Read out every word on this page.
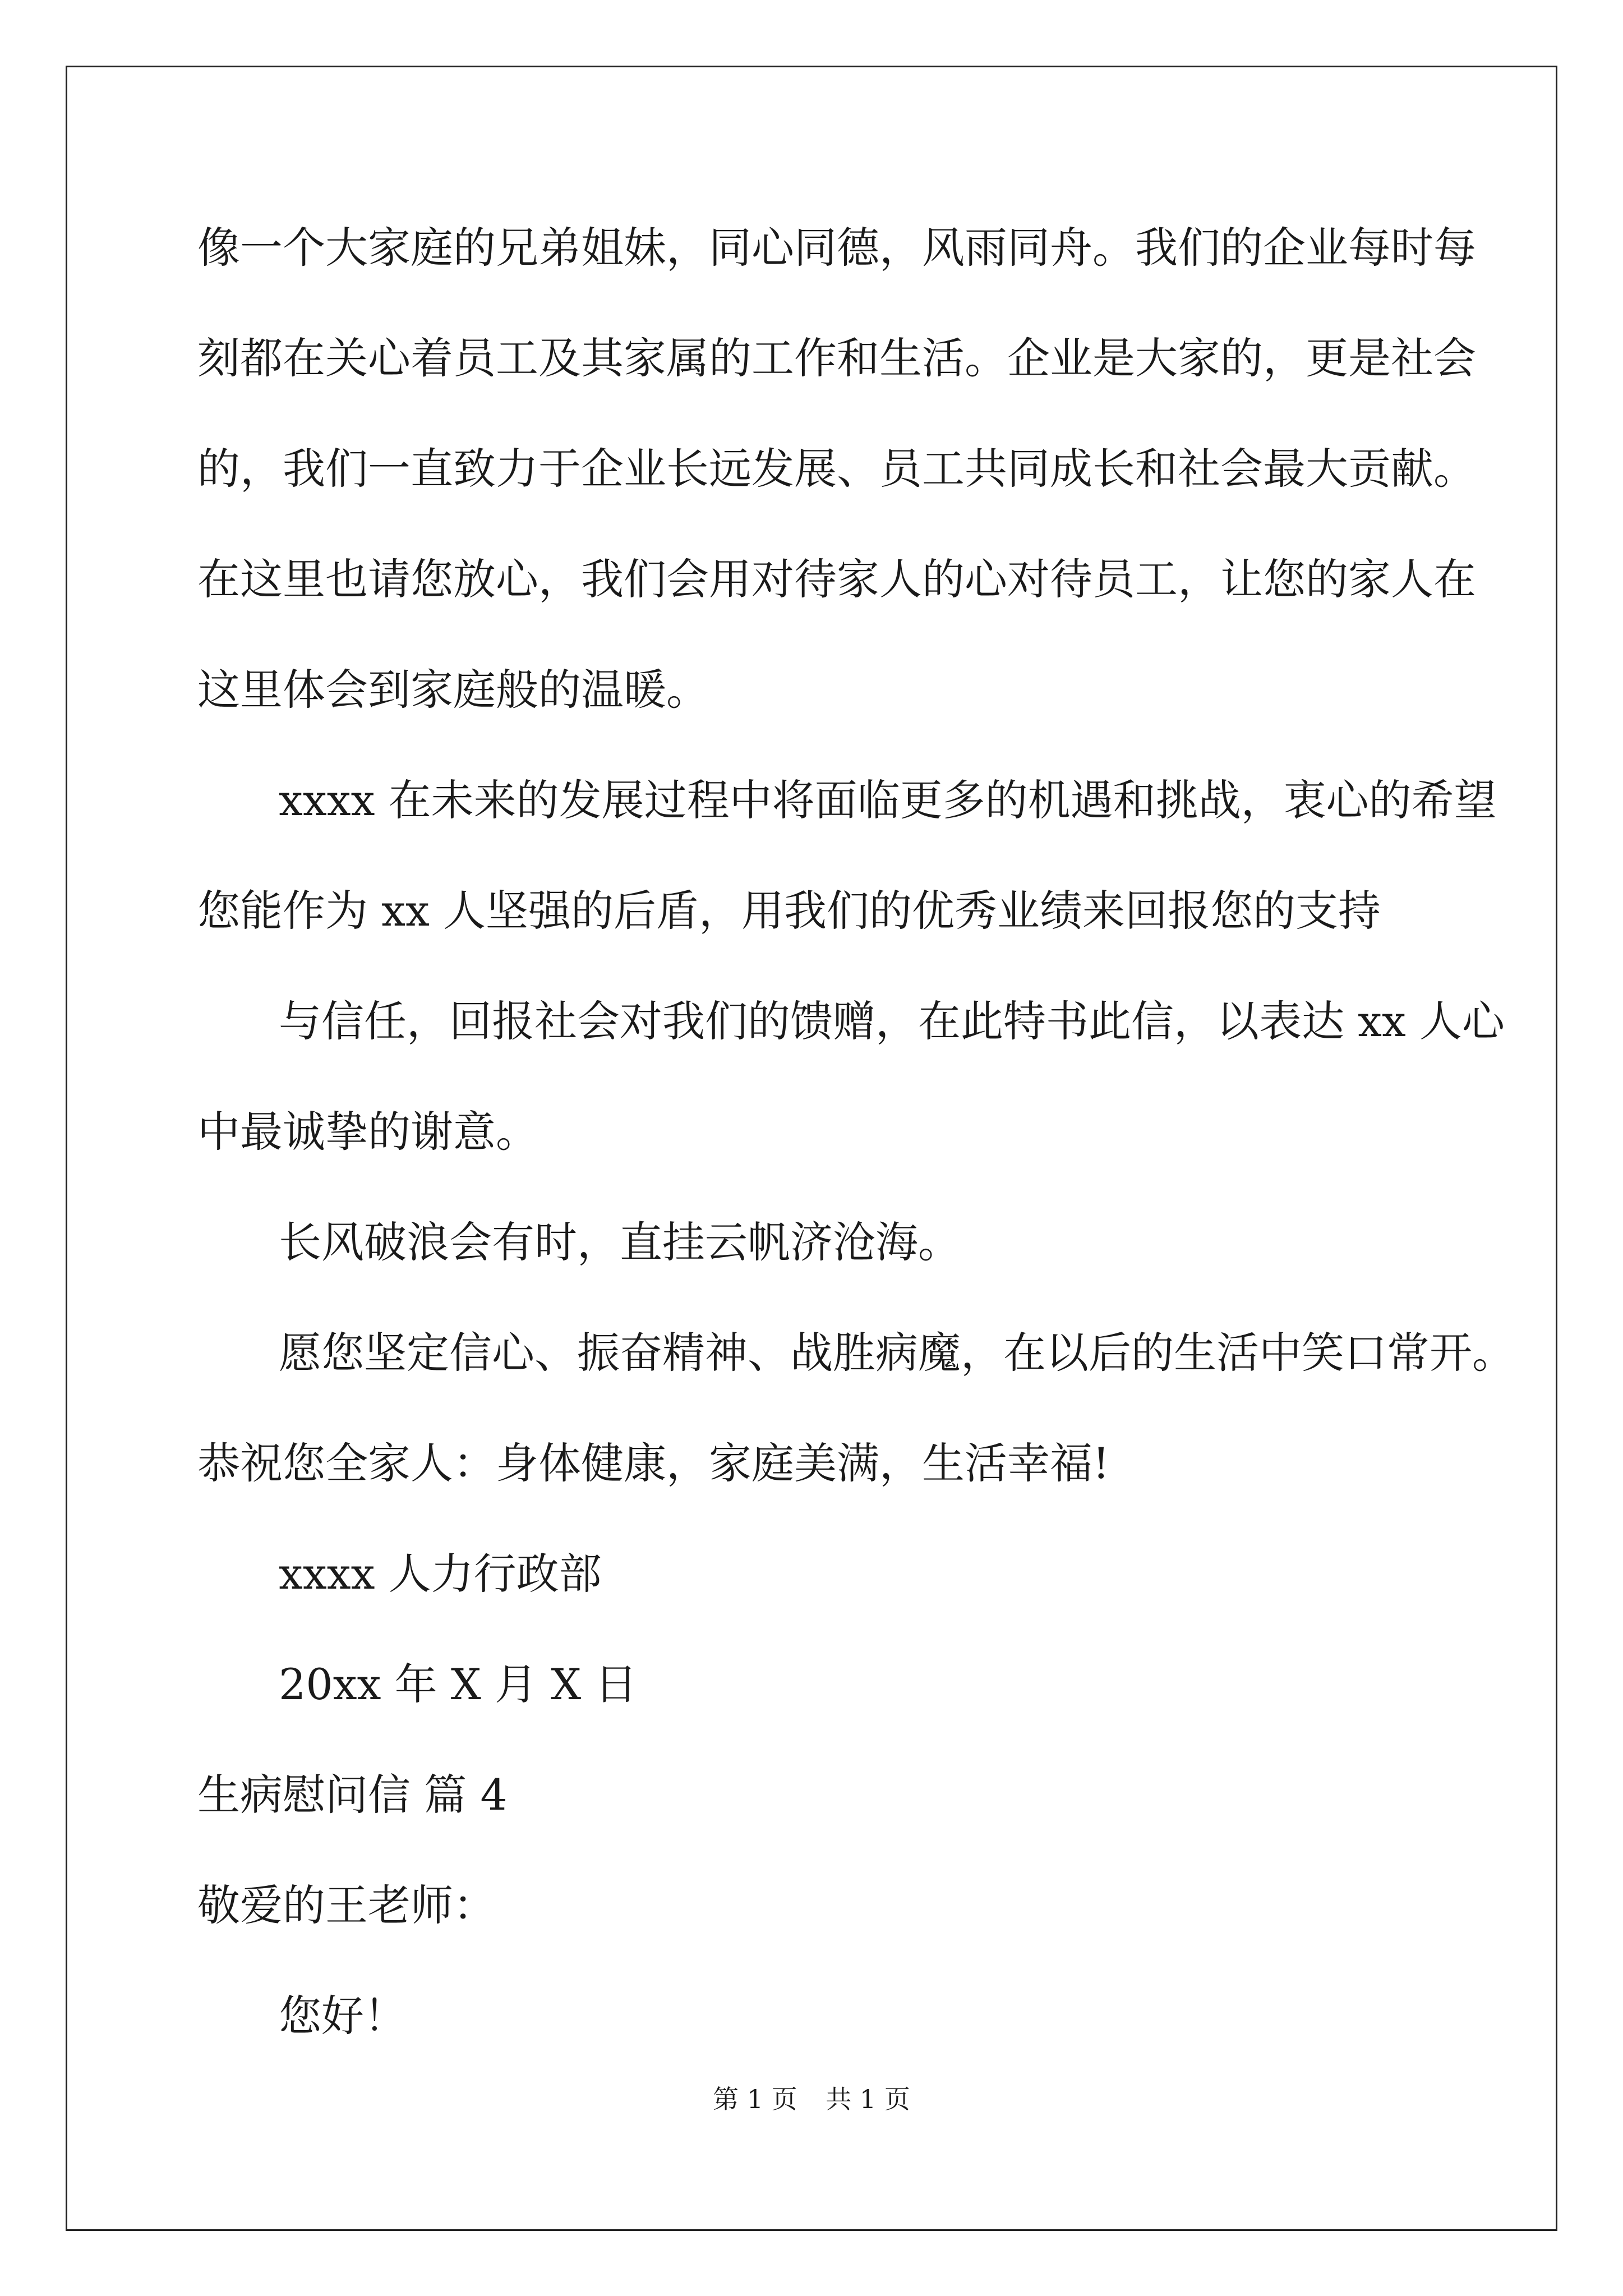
像一个大家庭的兄弟姐妹，同心同德，风雨同舟。我们的企业每时每
刻都在关心着员工及其家属的工作和生活。企业是大家的，更是社会
的，我们一直致力于企业长远发展、员工共同成长和社会最大贡献。
在这里也请您放心，我们会用对待家人的心对待员工，让您的家人在
这里体会到家庭般的温暖。
xxxx 在未来的发展过程中将面临更多的机遇和挑战，衷心的希望
您能作为 xx 人坚强的后盾，用我们的优秀业绩来回报您的支持
与信任，回报社会对我们的馈赠，在此特书此信，以表达 xx 人心
中最诚挚的谢意。
长风破浪会有时，直挂云帆济沧海。
愿您坚定信心、振奋精神、战胜病魔，在以后的生活中笑口常开。
恭祝您全家人：身体健康，家庭美满，生活幸福!
xxxx 人力行政部
20xx 年 X 月 X 日
生病慰问信 篇 4
敬爱的王老师：
您好！
第 1 页 共 1 页
